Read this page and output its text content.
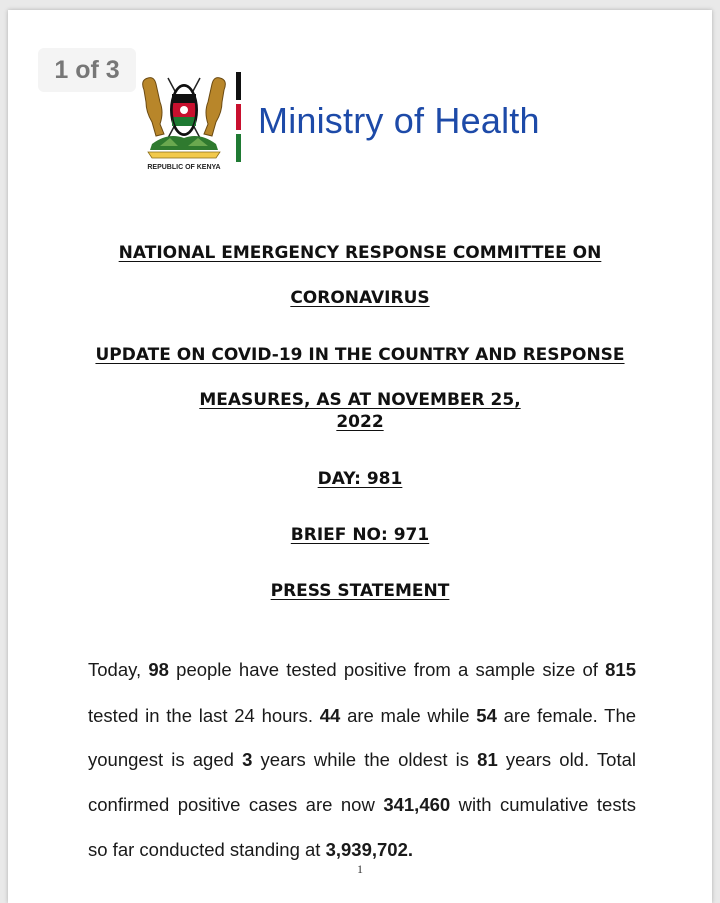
1 of 3
REPUBLIC OF KENYA
Ministry of Health
NATIONAL EMERGENCY RESPONSE COMMITTEE ON
CORONAVIRUS
UPDATE ON COVID-19 IN THE COUNTRY AND RESPONSE
MEASURES, AS AT NOVEMBER 25,
2022
DAY: 981
BRIEF NO: 971
PRESS STATEMENT
Today, 98 people have tested positive from a sample size of 815
tested in the last 24 hours. 44 are male while 54 are female. The
youngest is aged 3 years while the oldest is 81 years old. Total
confirmed positive cases are now 341,460 with cumulative tests
so far conducted standing at 3,939,702.
1
